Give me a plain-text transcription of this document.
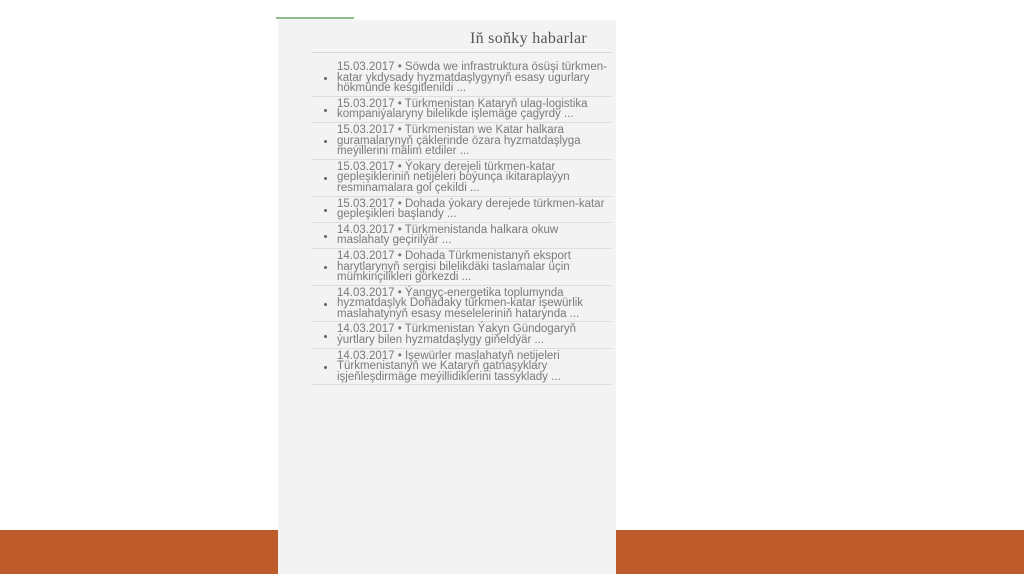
Iň soňky habarlar
15.03.2017 • Söwda we infrastruktura ösüşi türkmen-katar ykdysady hyzmatdaşlygynyň esasy ugurlary hökmünde kesgitlenildi ...
15.03.2017 • Türkmenistan Kataryň ulag-logistika kompaniýalaryny bilelikde işlemäge çagyrdy ...
15.03.2017 • Türkmenistan we Katar halkara guramalarynyň çäklerinde özara hyzmatdaşlyga meýillerini mälim etdiler ...
15.03.2017 • Ýokary derejeli türkmen-katar gepleşikleriniň netijeleri boýunça ikitaraplaýyn resminamalara gol çekildi ...
15.03.2017 • Dohada ýokary derejede türkmen-katar gepleşikleri başlandy ...
14.03.2017 • Türkmenistanda halkara okuw maslahaty geçirilýär ...
14.03.2017 • Dohada Türkmenistanyň eksport harytlarynyň sergisi bilelikdäki taslamalar üçin mümkinçilikleri görkezdi ...
14.03.2017 • Ýangyç-energetika toplumynda hyzmatdaşlyk Dohadaky türkmen-katar işewürlik maslahatynyň esasy meseleleriniň hatarynda ...
14.03.2017 • Türkmenistan Ýakyn Gündogaryň ýurtlary bilen hyzmatdaşlygy giňeldýär ...
14.03.2017 • Işewürler maslahatyň netijeleri Türkmenistanyň we Kataryň gatnaşyklary işjeňleşdirmäge meýillidiklerini tassyklady ...
